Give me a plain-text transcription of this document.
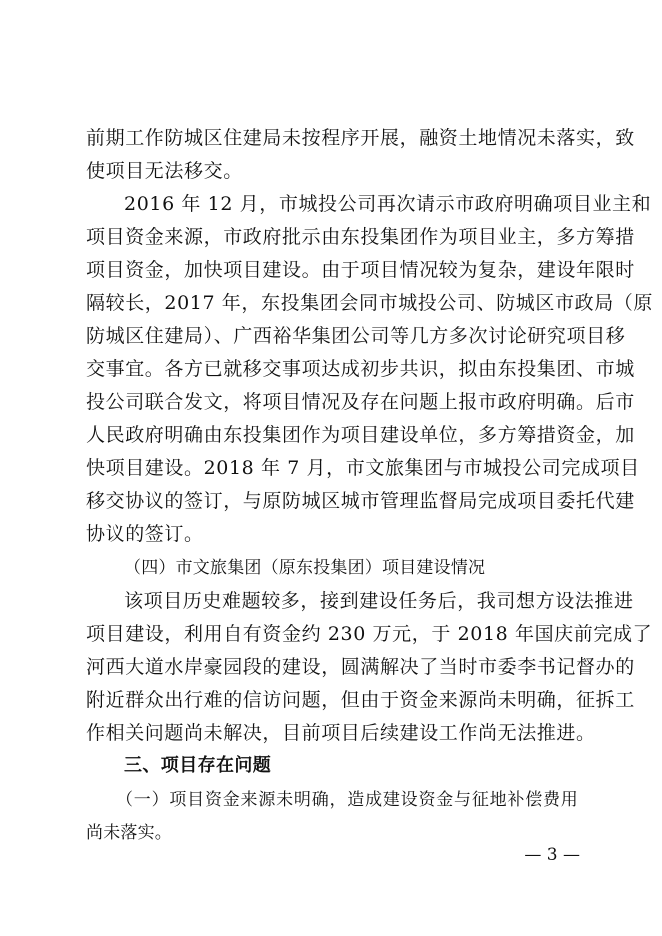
前期工作防城区住建局未按程序开展，融资土地情况未落实，致
使项目无法移交。
2016 年 12 月，市城投公司再次请示市政府明确项目业主和
项目资金来源，市政府批示由东投集团作为项目业主，多方筹措
项目资金，加快项目建设。由于项目情况较为复杂，建设年限时
隔较长，2017 年，东投集团会同市城投公司、防城区市政局（原
防城区住建局）、广西裕华集团公司等几方多次讨论研究项目移
交事宜。各方已就移交事项达成初步共识，拟由东投集团、市城
投公司联合发文，将项目情况及存在问题上报市政府明确。后市
人民政府明确由东投集团作为项目建设单位，多方筹措资金，加
快项目建设。2018 年 7 月，市文旅集团与市城投公司完成项目
移交协议的签订，与原防城区城市管理监督局完成项目委托代建
协议的签订。
（四）市文旅集团（原东投集团）项目建设情况
该项目历史难题较多，接到建设任务后，我司想方设法推进
项目建设，利用自有资金约 230 万元，于 2018 年国庆前完成了
河西大道水岸豪园段的建设，圆满解决了当时市委李书记督办的
附近群众出行难的信访问题，但由于资金来源尚未明确，征拆工
作相关问题尚未解决，目前项目后续建设工作尚无法推进。
三、项目存在问题
（一）项目资金来源未明确，造成建设资金与征地补偿费用
尚未落实。
— 3 —
